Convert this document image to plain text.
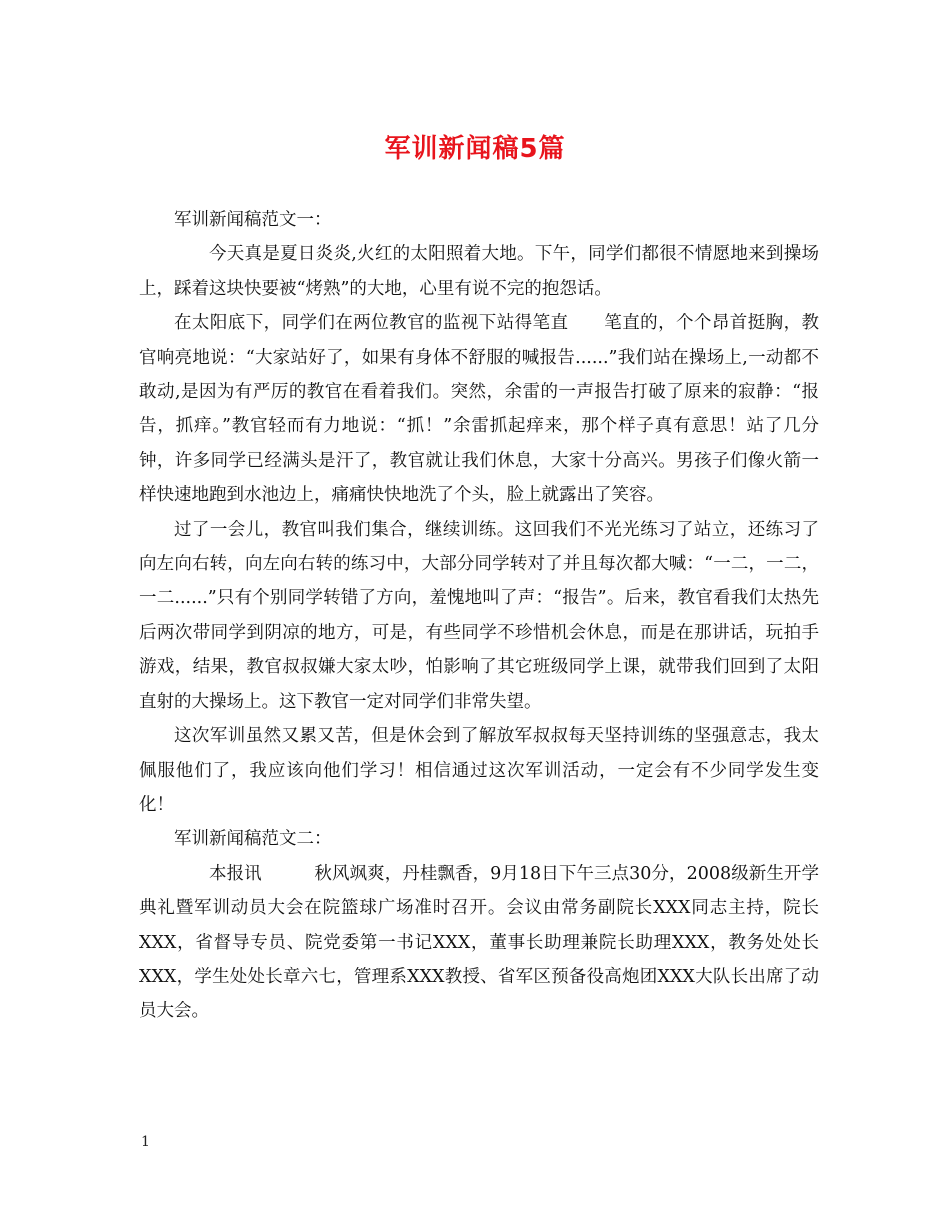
军训新闻稿5篇

军训新闻稿范文一：

今天真是夏日炎炎,火红的太阳照着大地。下午，同学们都很不情愿地来到操场上，踩着这块快要被“烤熟”的大地，心里有说不完的抱怨话。

在太阳底下，同学们在两位教官的监视下站得笔直　　笔直的，个个昂首挺胸，教官响亮地说：“大家站好了，如果有身体不舒服的喊报告......”我们站在操场上,一动都不敢动,是因为有严厉的教官在看着我们。突然，余雷的一声报告打破了原来的寂静：“报告，抓痒。”教官轻而有力地说：“抓！”余雷抓起痒来，那个样子真有意思！站了几分钟，许多同学已经满头是汗了，教官就让我们休息，大家十分高兴。男孩子们像火箭一样快速地跑到水池边上，痛痛快快地洗了个头，脸上就露出了笑容。

过了一会儿，教官叫我们集合，继续训练。这回我们不光光练习了站立，还练习了向左向右转，向左向右转的练习中，大部分同学转对了并且每次都大喊：“一二，一二，一二......”只有个别同学转错了方向，羞愧地叫了声：“报告”。后来，教官看我们太热先后两次带同学到阴凉的地方，可是，有些同学不珍惜机会休息，而是在那讲话，玩拍手游戏，结果，教官叔叔嫌大家太吵，怕影响了其它班级同学上课，就带我们回到了太阳直射的大操场上。这下教官一定对同学们非常失望。

这次军训虽然又累又苦，但是休会到了解放军叔叔每天坚持训练的坚强意志，我太佩服他们了，我应该向他们学习！相信通过这次军训活动，一定会有不少同学发生变化！

军训新闻稿范文二：

本报讯　　　秋风飒爽，丹桂飘香，9月18日下午三点30分，2008级新生开学典礼暨军训动员大会在院篮球广场准时召开。会议由常务副院长XXX同志主持，院长XXX，省督导专员、院党委第一书记XXX，董事长助理兼院长助理XXX，教务处处长XXX，学生处处长章六七，管理系XXX教授、省军区预备役高炮团XXX大队长出席了动员大会。

1
